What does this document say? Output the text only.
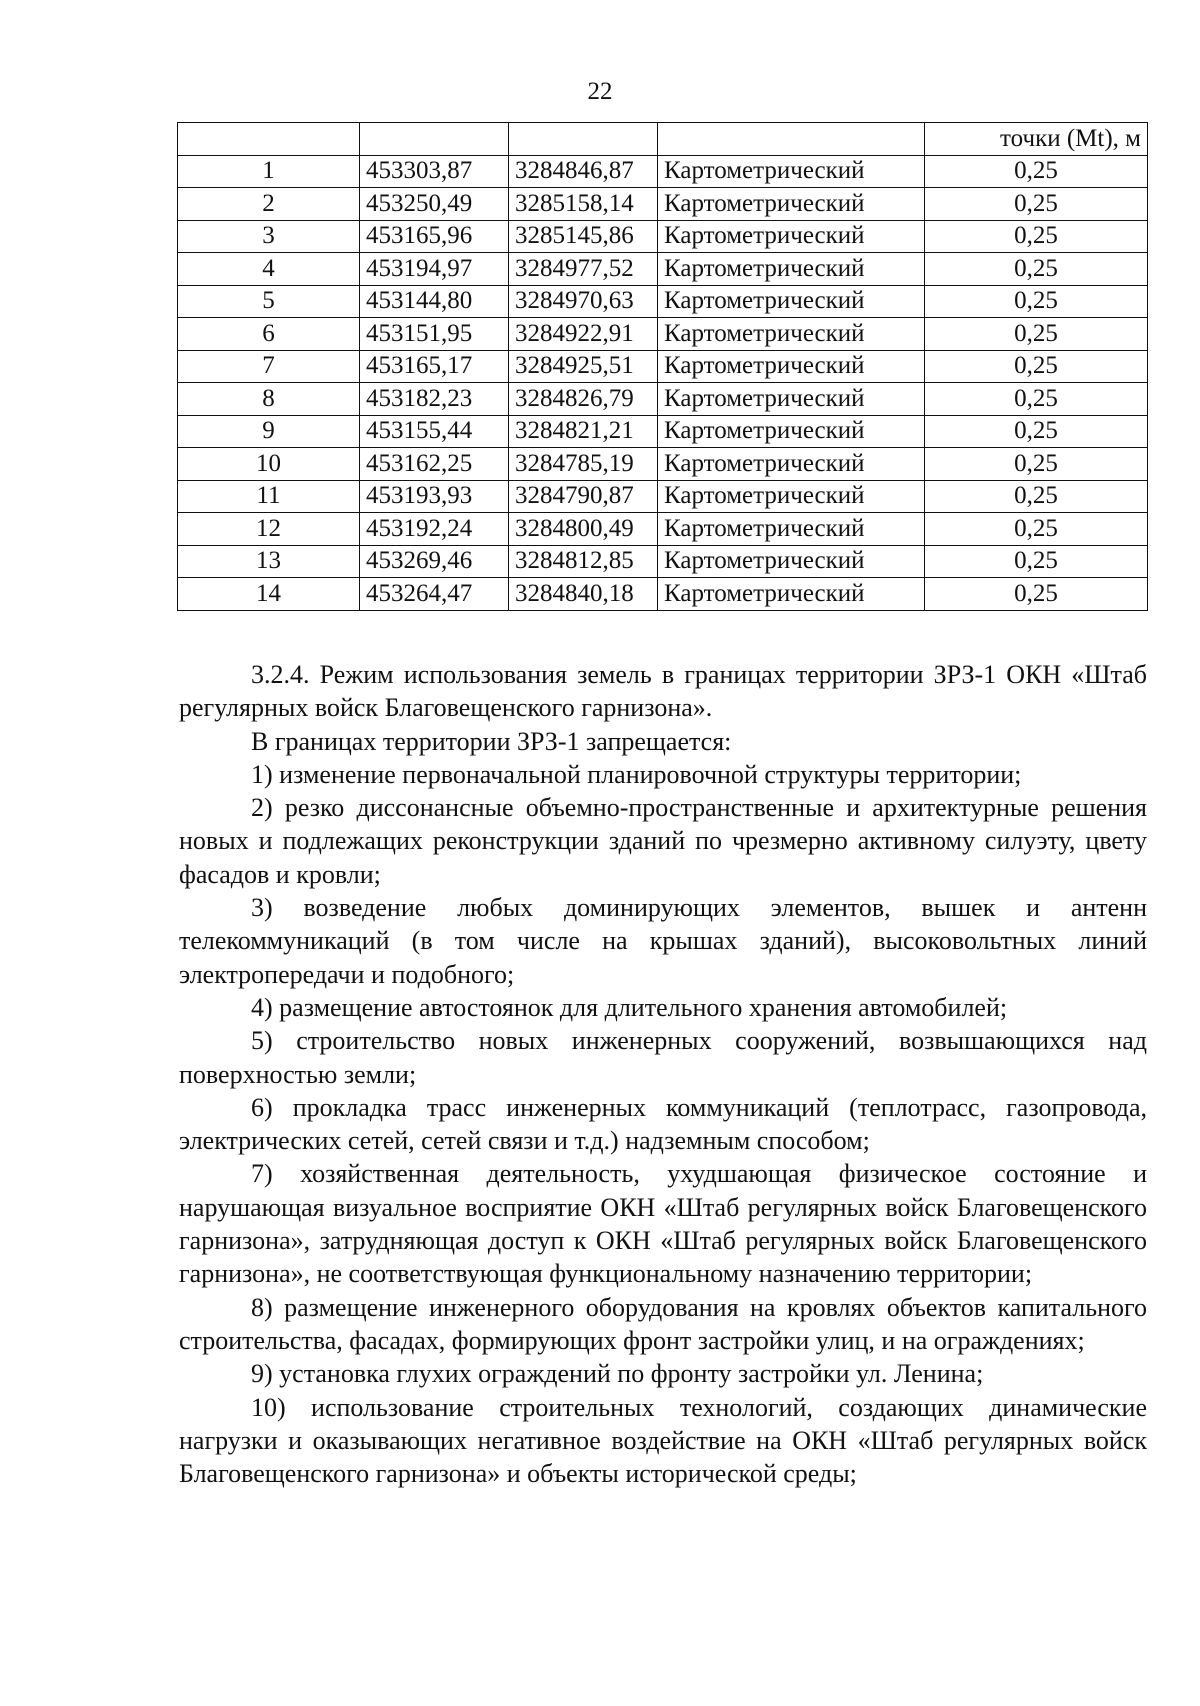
22
				точки (Mt), м
1	453303,87	3284846,87	Картометрический	0,25
2	453250,49	3285158,14	Картометрический	0,25
3	453165,96	3285145,86	Картометрический	0,25
4	453194,97	3284977,52	Картометрический	0,25
5	453144,80	3284970,63	Картометрический	0,25
6	453151,95	3284922,91	Картометрический	0,25
7	453165,17	3284925,51	Картометрический	0,25
8	453182,23	3284826,79	Картометрический	0,25
9	453155,44	3284821,21	Картометрический	0,25
10	453162,25	3284785,19	Картометрический	0,25
11	453193,93	3284790,87	Картометрический	0,25
12	453192,24	3284800,49	Картометрический	0,25
13	453269,46	3284812,85	Картометрический	0,25
14	453264,47	3284840,18	Картометрический	0,25

3.2.4. Режим использования земель в границах территории ЗРЗ-1 ОКН «Штаб регулярных войск Благовещенского гарнизона».

В границах территории ЗРЗ-1 запрещается:

1) изменение первоначальной планировочной структуры территории;

2) резко диссонансные объемно-пространственные и архитектурные решения новых и подлежащих реконструкции зданий по чрезмерно активному силуэту, цвету фасадов и кровли;

3) возведение любых доминирующих элементов, вышек и антенн телекоммуникаций (в том числе на крышах зданий), высоковольтных линий электропередачи и подобного;

4) размещение автостоянок для длительного хранения автомобилей;

5) строительство новых инженерных сооружений, возвышающихся над поверхностью земли;

6) прокладка трасс инженерных коммуникаций (теплотрасс, газопровода, электрических сетей, сетей связи и т.д.) надземным способом;

7) хозяйственная деятельность, ухудшающая физическое состояние и нарушающая визуальное восприятие ОКН «Штаб регулярных войск Благовещенского гарнизона», затрудняющая доступ к ОКН «Штаб регулярных войск Благовещенского гарнизона», не соответствующая функциональному назначению территории;

8) размещение инженерного оборудования на кровлях объектов капитального строительства, фасадах, формирующих фронт застройки улиц, и на ограждениях;

9) установка глухих ограждений по фронту застройки ул. Ленина;

10) использование строительных технологий, создающих динамические нагрузки и оказывающих негативное воздействие на ОКН «Штаб регулярных войск Благовещенского гарнизона» и объекты исторической среды;
